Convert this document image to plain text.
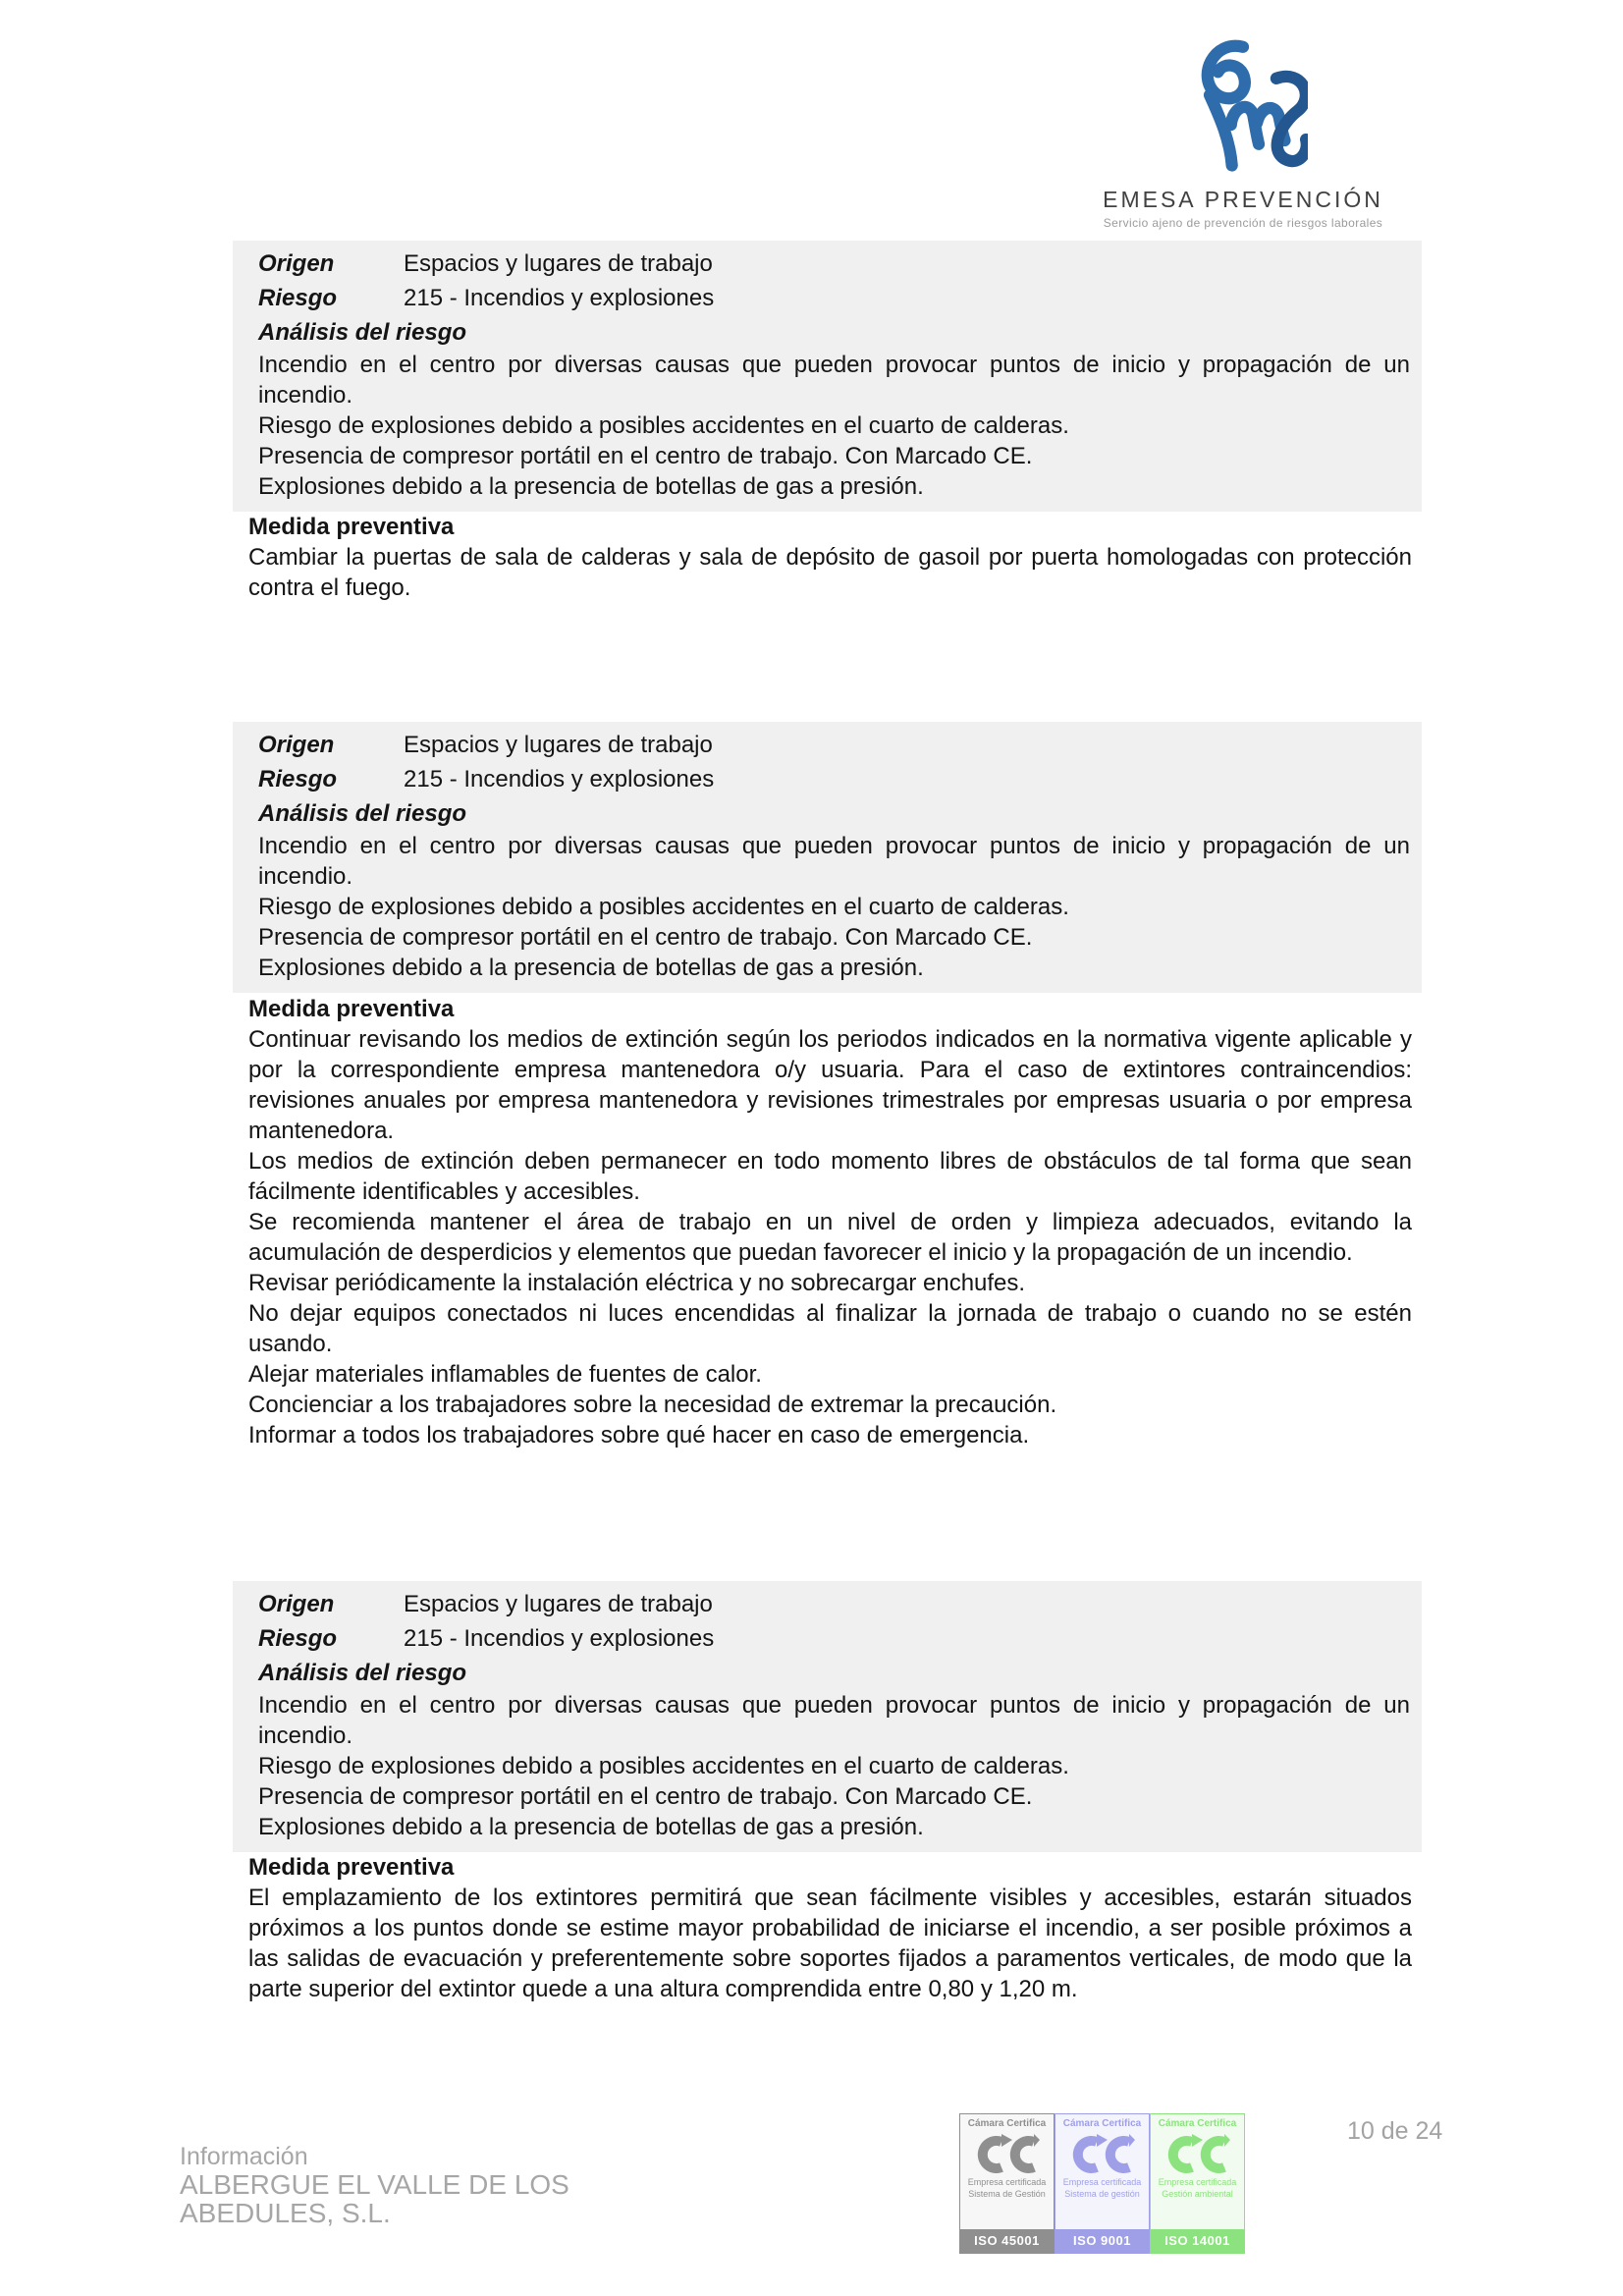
EMESA PREVENCIÓN
Servicio ajeno de prevención de riesgos laborales
Origen	Espacios y lugares de trabajo
Riesgo	215 - Incendios y explosiones
Análisis del riesgo

Incendio en el centro por diversas causas que pueden provocar puntos de inicio y propagación de un incendio.

Riesgo de explosiones debido a posibles accidentes en el cuarto de calderas.

Presencia de compresor portátil en el centro de trabajo. Con Marcado CE.

Explosiones debido a la presencia de botellas de gas a presión.

Medida preventiva

Cambiar la puertas de sala de calderas y sala de depósito de gasoil por puerta homologadas con protección contra el fuego.

Origen	Espacios y lugares de trabajo
Riesgo	215 - Incendios y explosiones
Análisis del riesgo

Incendio en el centro por diversas causas que pueden provocar puntos de inicio y propagación de un incendio.

Riesgo de explosiones debido a posibles accidentes en el cuarto de calderas.

Presencia de compresor portátil en el centro de trabajo. Con Marcado CE.

Explosiones debido a la presencia de botellas de gas a presión.

Medida preventiva

Continuar revisando los medios de extinción según los periodos indicados en la normativa vigente aplicable y por la correspondiente empresa mantenedora o/y usuaria. Para el caso de extintores contraincendios: revisiones anuales por empresa mantenedora y revisiones trimestrales por empresas usuaria o por empresa mantenedora.

Los medios de extinción deben permanecer en todo momento libres de obstáculos de tal forma que sean fácilmente identificables y accesibles.

Se recomienda mantener el área de trabajo en un nivel de orden y limpieza adecuados, evitando la acumulación de desperdicios y elementos que puedan favorecer el inicio y la propagación de un incendio.

Revisar periódicamente la instalación eléctrica y no sobrecargar enchufes.

No dejar equipos conectados ni luces encendidas al finalizar la jornada de trabajo o cuando no se estén usando.

Alejar materiales inflamables de fuentes de calor.

Concienciar a los trabajadores sobre la necesidad de extremar la precaución.

Informar a todos los trabajadores sobre qué hacer en caso de emergencia.

Origen	Espacios y lugares de trabajo
Riesgo	215 - Incendios y explosiones
Análisis del riesgo

Incendio en el centro por diversas causas que pueden provocar puntos de inicio y propagación de un incendio.

Riesgo de explosiones debido a posibles accidentes en el cuarto de calderas.

Presencia de compresor portátil en el centro de trabajo. Con Marcado CE.

Explosiones debido a la presencia de botellas de gas a presión.

Medida preventiva

El emplazamiento de los extintores permitirá que sean fácilmente visibles y accesibles, estarán situados próximos a los puntos donde se estime mayor probabilidad de iniciarse el incendio, a ser posible próximos a las salidas de evacuación y preferentemente sobre soportes fijados a paramentos verticales, de modo que la parte superior del extintor quede a una altura comprendida entre 0,80 y 1,20 m.

Información
ALBERGUE EL VALLE DE LOS
ABEDULES, S.L.
Cámara Certifica
Empresa certificada
Sistema de Gestión
ISO 45001
Cámara Certifica
Empresa certificada
Sistema de gestión
ISO 9001
Cámara Certifica
Empresa certificada
Gestión ambiental
ISO 14001
10 de 24
